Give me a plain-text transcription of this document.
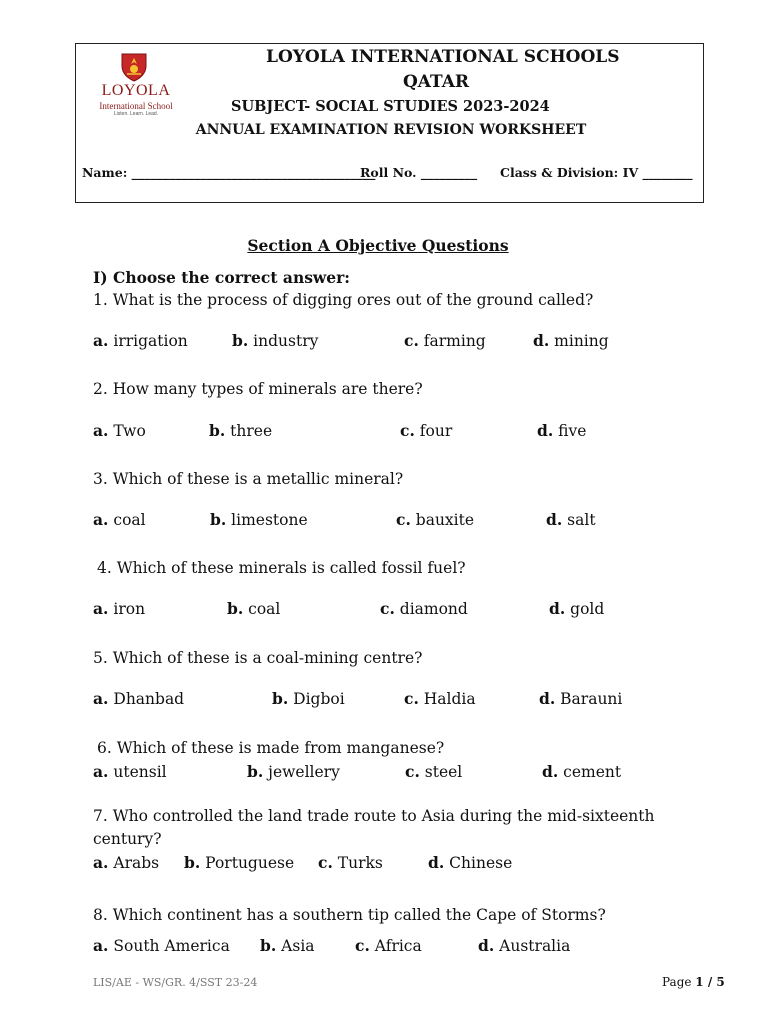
LOYOLA
International School
Listen. Learn. Lead.
LOYOLA INTERNATIONAL SCHOOLS
QATAR
SUBJECT- SOCIAL STUDIES 2023-2024
ANNUAL EXAMINATION REVISION WORKSHEET
Name: _______________________________________
Roll No. _________ Class & Division: IV ________
Section A Objective Questions
I) Choose the correct answer:
1. What is the process of digging ores out of the ground called?
a. irrigation	b. industry	c. farming	d. mining
2. How many types of minerals are there?
a. Two	b. three	c. four	d. five
3. Which of these is a metallic mineral?
a. coal	b. limestone	c. bauxite	d. salt
4. Which of these minerals is called fossil fuel?
a. iron	b. coal	c. diamond	d. gold
5. Which of these is a coal-mining centre?
a. Dhanbad	b. Digboi	c. Haldia	d. Barauni
6. Which of these is made from manganese?
a. utensil	b. jewellery	c. steel	d. cement
7. Who controlled the land trade route to Asia during the mid-sixteenth
century?
a. Arabs b. Portuguese c. Turks	d. Chinese
8. Which continent has a southern tip called the Cape of Storms?
a. South America b. Asia	c. Africa	d. Australia
LIS/AE - WS/GR. 4/SST 23-24	Page 1 / 5
